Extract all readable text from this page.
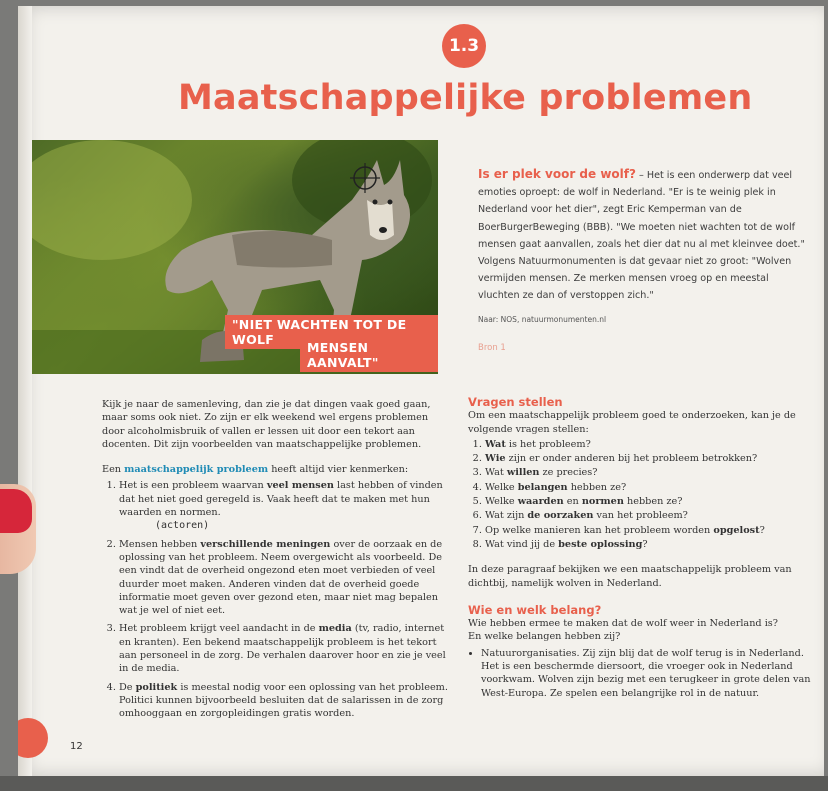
1.3
Maatschappelijke problemen
"NIET WACHTEN TOT DE WOLF
MENSEN AANVALT"
Is er plek voor de wolf? – Het is een onderwerp dat veel emoties oproept: de wolf in Nederland. "Er is te weinig plek in Nederland voor het dier", zegt Eric Kemperman van de BoerBurgerBeweging (BBB). "We moeten niet wachten tot de wolf mensen gaat aanvallen, zoals het dier dat nu al met kleinvee doet." Volgens Natuurmonumenten is dat gevaar niet zo groot: "Wolven vermijden mensen. Ze merken mensen vroeg op en meestal vluchten ze dan of verstoppen zich."
Naar: NOS, natuurmonumenten.nl
Bron 1

Kijk je naar de samenleving, dan zie je dat dingen vaak goed gaan, maar soms ook niet. Zo zijn er elk weekend wel ergens problemen door alcoholmisbruik of vallen er lessen uit door een tekort aan docenten. Dit zijn voorbeelden van maatschappelijke problemen.

Een maatschappelijk probleem heeft altijd vier kenmerken:

1. Het is een probleem waarvan veel mensen last hebben of vinden dat het niet goed geregeld is. Vaak heeft dat te maken met hun waarden en normen.
(actoren)
2. Mensen hebben verschillende meningen over de oorzaak en de oplossing van het probleem. Neem overgewicht als voorbeeld. De een vindt dat de overheid ongezond eten moet verbieden of veel duurder moet maken. Anderen vinden dat de overheid goede informatie moet geven over gezond eten, maar niet mag bepalen wat je wel of niet eet.
3. Het probleem krijgt veel aandacht in de media (tv, radio, internet en kranten). Een bekend maatschappelijk probleem is het tekort aan personeel in de zorg. De verhalen daarover hoor en zie je veel in de media.
4. De politiek is meestal nodig voor een oplossing van het probleem. Politici kunnen bijvoorbeeld besluiten dat de salarissen in de zorg omhooggaan en zorgopleidingen gratis worden.
Vragen stellen

Om een maatschappelijk probleem goed te onderzoeken, kan je de volgende vragen stellen:

1. Wat is het probleem?
2. Wie zijn er onder anderen bij het probleem betrokken?
3. Wat willen ze precies?
4. Welke belangen hebben ze?
5. Welke waarden en normen hebben ze?
6. Wat zijn de oorzaken van het probleem?
7. Op welke manieren kan het probleem worden opgelost?
8. Wat vind jij de beste oplossing?

In deze paragraaf bekijken we een maatschappelijk probleem van dichtbij, namelijk wolven in Nederland.

Wie en welk belang?

Wie hebben ermee te maken dat de wolf weer in Nederland is?
En welke belangen hebben zij?

• Natuurorganisaties. Zij zijn blij dat de wolf terug is in Nederland. Het is een beschermde diersoort, die vroeger ook in Nederland voorkwam. Wolven zijn bezig met een terugkeer in grote delen van West-Europa. Ze spelen een belangrijke rol in de natuur.
12
